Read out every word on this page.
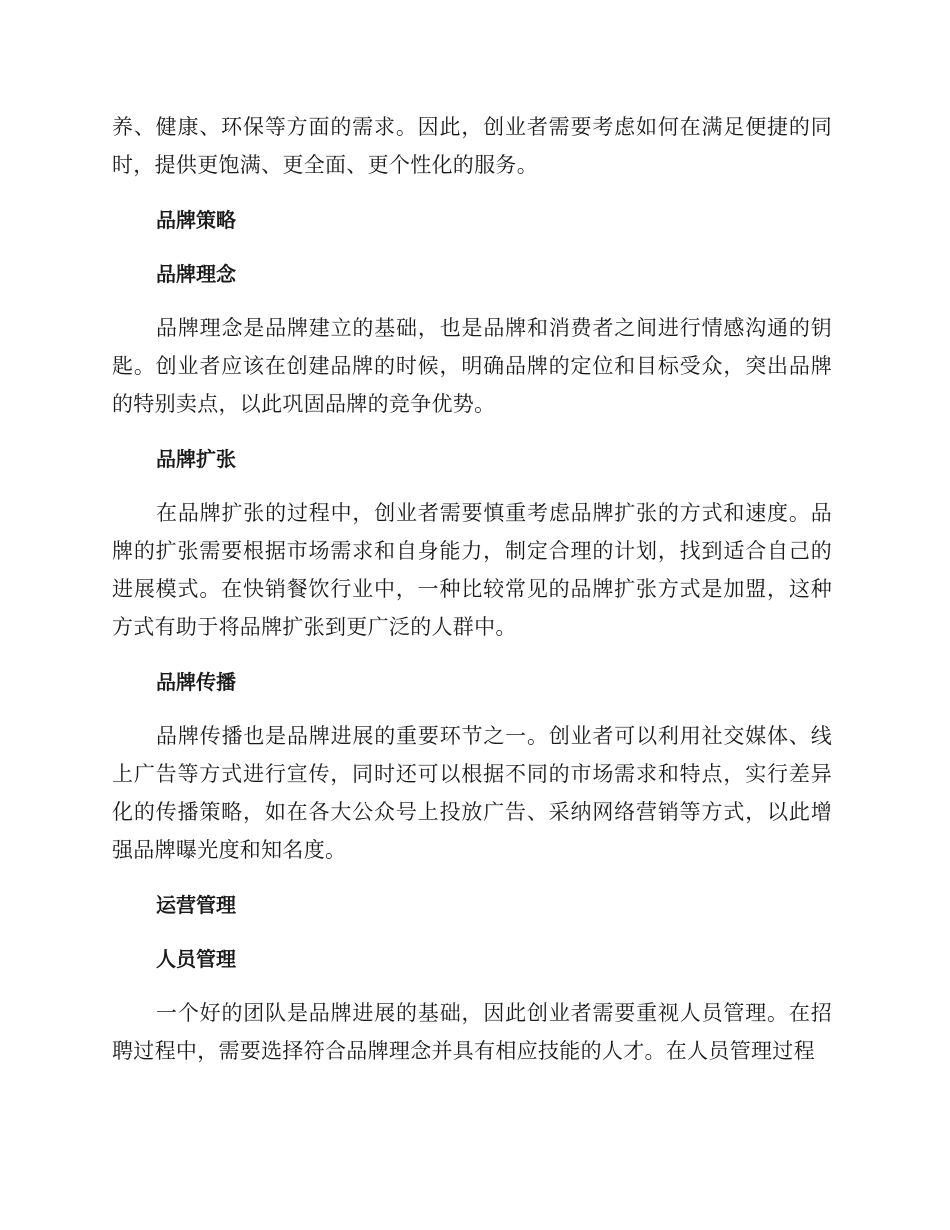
养、健康、环保等方面的需求。因此，创业者需要考虑如何在满足便捷的同时，提供更饱满、更全面、更个性化的服务。

品牌策略
品牌理念

品牌理念是品牌建立的基础，也是品牌和消费者之间进行情感沟通的钥匙。创业者应该在创建品牌的时候，明确品牌的定位和目标受众，突出品牌的特别卖点，以此巩固品牌的竞争优势。

品牌扩张

在品牌扩张的过程中，创业者需要慎重考虑品牌扩张的方式和速度。品牌的扩张需要根据市场需求和自身能力，制定合理的计划，找到适合自己的进展模式。在快销餐饮行业中，一种比较常见的品牌扩张方式是加盟，这种方式有助于将品牌扩张到更广泛的人群中。

品牌传播

品牌传播也是品牌进展的重要环节之一。创业者可以利用社交媒体、线上广告等方式进行宣传，同时还可以根据不同的市场需求和特点，实行差异化的传播策略，如在各大公众号上投放广告、采纳网络营销等方式，以此增强品牌曝光度和知名度。

运营管理
人员管理

一个好的团队是品牌进展的基础，因此创业者需要重视人员管理。在招聘过程中，需要选择符合品牌理念并具有相应技能的人才。在人员管理过程
